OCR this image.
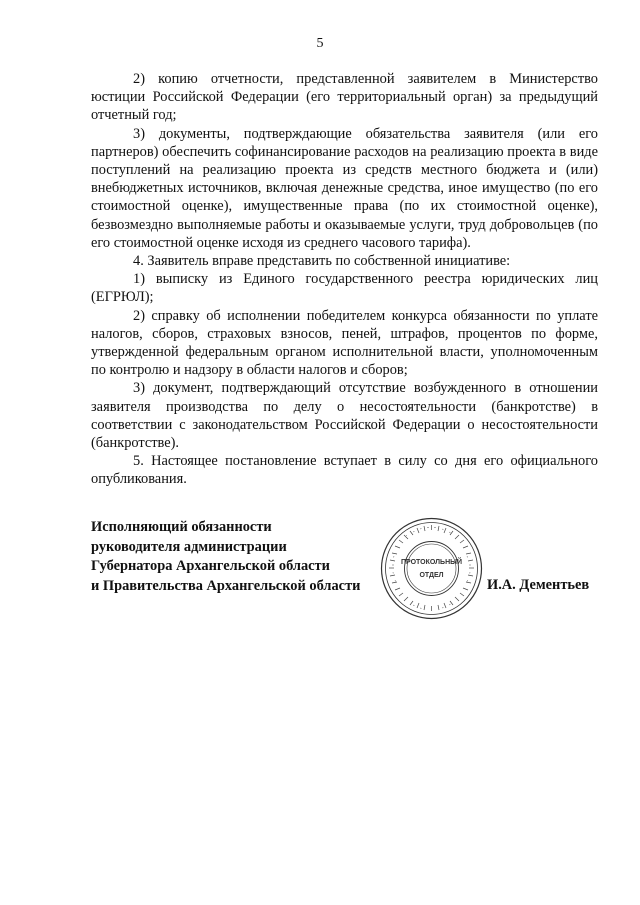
5

2) копию отчетности, представленной заявителем в Министерство юстиции Российской Федерации (его территориальный орган) за предыдущий отчетный год;

3) документы, подтверждающие обязательства заявителя (или его партнеров) обеспечить софинансирование расходов на реализацию проекта в виде поступлений на реализацию проекта из средств местного бюджета и (или) внебюджетных источников, включая денежные средства, иное имущество (по его стоимостной оценке), имущественные права (по их стоимостной оценке), безвозмездно выполняемые работы и оказываемые услуги, труд добровольцев (по его стоимостной оценке исходя из среднего часового тарифа).

4. Заявитель вправе представить по собственной инициативе:

1) выписку из Единого государственного реестра юридических лиц (ЕГРЮЛ);

2) справку об исполнении победителем конкурса обязанности по уплате налогов, сборов, страховых взносов, пеней, штрафов, процентов по форме, утвержденной федеральным органом исполнительной власти, уполномоченным по контролю и надзору в области налогов и сборов;

3) документ, подтверждающий отсутствие возбужденного в отношении заявителя производства по делу о несостоятельности (банкротстве) в соответствии с законодательством Российской Федерации о несостоятельности (банкротстве).

5. Настоящее постановление вступает в силу со дня его официального опубликования.

Исполняющий обязанности
руководителя администрации
Губернатора Архангельской области
и Правительства Архангельской области
ПРОТОКОЛЬНЫЙ
ОТДЕЛ
И.А. Дементьев
